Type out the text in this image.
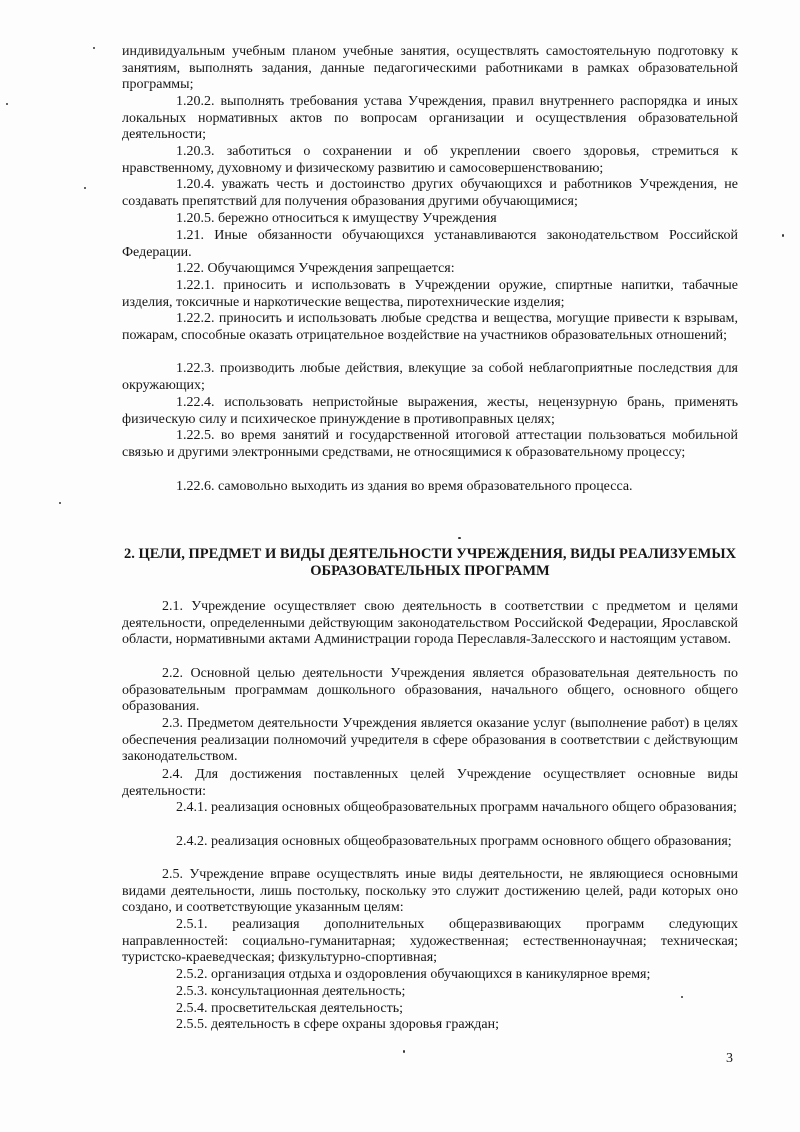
индивидуальным учебным планом учебные занятия, осуществлять самостоятельную подготовку к занятиям, выполнять задания, данные педагогическими работниками в рамках образовательной программы;

1.20.2. выполнять требования устава Учреждения, правил внутреннего распорядка и иных локальных нормативных актов по вопросам организации и осуществления образовательной деятельности;

1.20.3. заботиться о сохранении и об укреплении своего здоровья, стремиться к нравственному, духовному и физическому развитию и самосовершенствованию;

1.20.4. уважать честь и достоинство других обучающихся и работников Учреждения, не создавать препятствий для получения образования другими обучающимися;

1.20.5. бережно относиться к имуществу Учреждения

1.21. Иные обязанности обучающихся устанавливаются законодательством Российской Федерации.

1.22. Обучающимся Учреждения запрещается:

1.22.1. приносить и использовать в Учреждении оружие, спиртные напитки, табачные изделия, токсичные и наркотические вещества, пиротехнические изделия;

1.22.2. приносить и использовать любые средства и вещества, могущие привести к взрывам, пожарам, способные оказать отрицательное воздействие на участников образовательных отношений;

1.22.3. производить любые действия, влекущие за собой неблагоприятные последствия для окружающих;

1.22.4. использовать непристойные выражения, жесты, нецензурную брань, применять физическую силу и психическое принуждение в противоправных целях;

1.22.5. во время занятий и государственной итоговой аттестации пользоваться мобильной связью и другими электронными средствами, не относящимися к образовательному процессу;

1.22.6. самовольно выходить из здания во время образовательного процесса.

2. ЦЕЛИ, ПРЕДМЕТ И ВИДЫ ДЕЯТЕЛЬНОСТИ УЧРЕЖДЕНИЯ, ВИДЫ РЕАЛИЗУЕМЫХ
ОБРАЗОВАТЕЛЬНЫХ ПРОГРАММ

2.1. Учреждение осуществляет свою деятельность в соответствии с предметом и целями деятельности, определенными действующим законодательством Российской Федерации, Ярославской области, нормативными актами Администрации города Переславля-Залесского и настоящим уставом.

2.2. Основной целью деятельности Учреждения является образовательная деятельность по образовательным программам дошкольного образования, начального общего, основного общего образования.

2.3. Предметом деятельности Учреждения является оказание услуг (выполнение работ) в целях обеспечения реализации полномочий учредителя в сфере образования в соответствии с действующим законодательством.

2.4. Для достижения поставленных целей Учреждение осуществляет основные виды деятельности:

2.4.1. реализация основных общеобразовательных программ начального общего образования;

2.4.2. реализация основных общеобразовательных программ основного общего образования;

2.5. Учреждение вправе осуществлять иные виды деятельности, не являющиеся основными видами деятельности, лишь постольку, поскольку это служит достижению целей, ради которых оно создано, и соответствующие указанным целям:

2.5.1. реализация дополнительных общеразвивающих программ следующих направленностей: социально-гуманитарная; художественная; естественнонаучная; техническая; туристско-краеведческая; физкультурно-спортивная;

2.5.2. организация отдыха и оздоровления обучающихся в каникулярное время;

2.5.3. консультационная деятельность;

2.5.4. просветительская деятельность;

2.5.5. деятельность в сфере охраны здоровья граждан;

3
